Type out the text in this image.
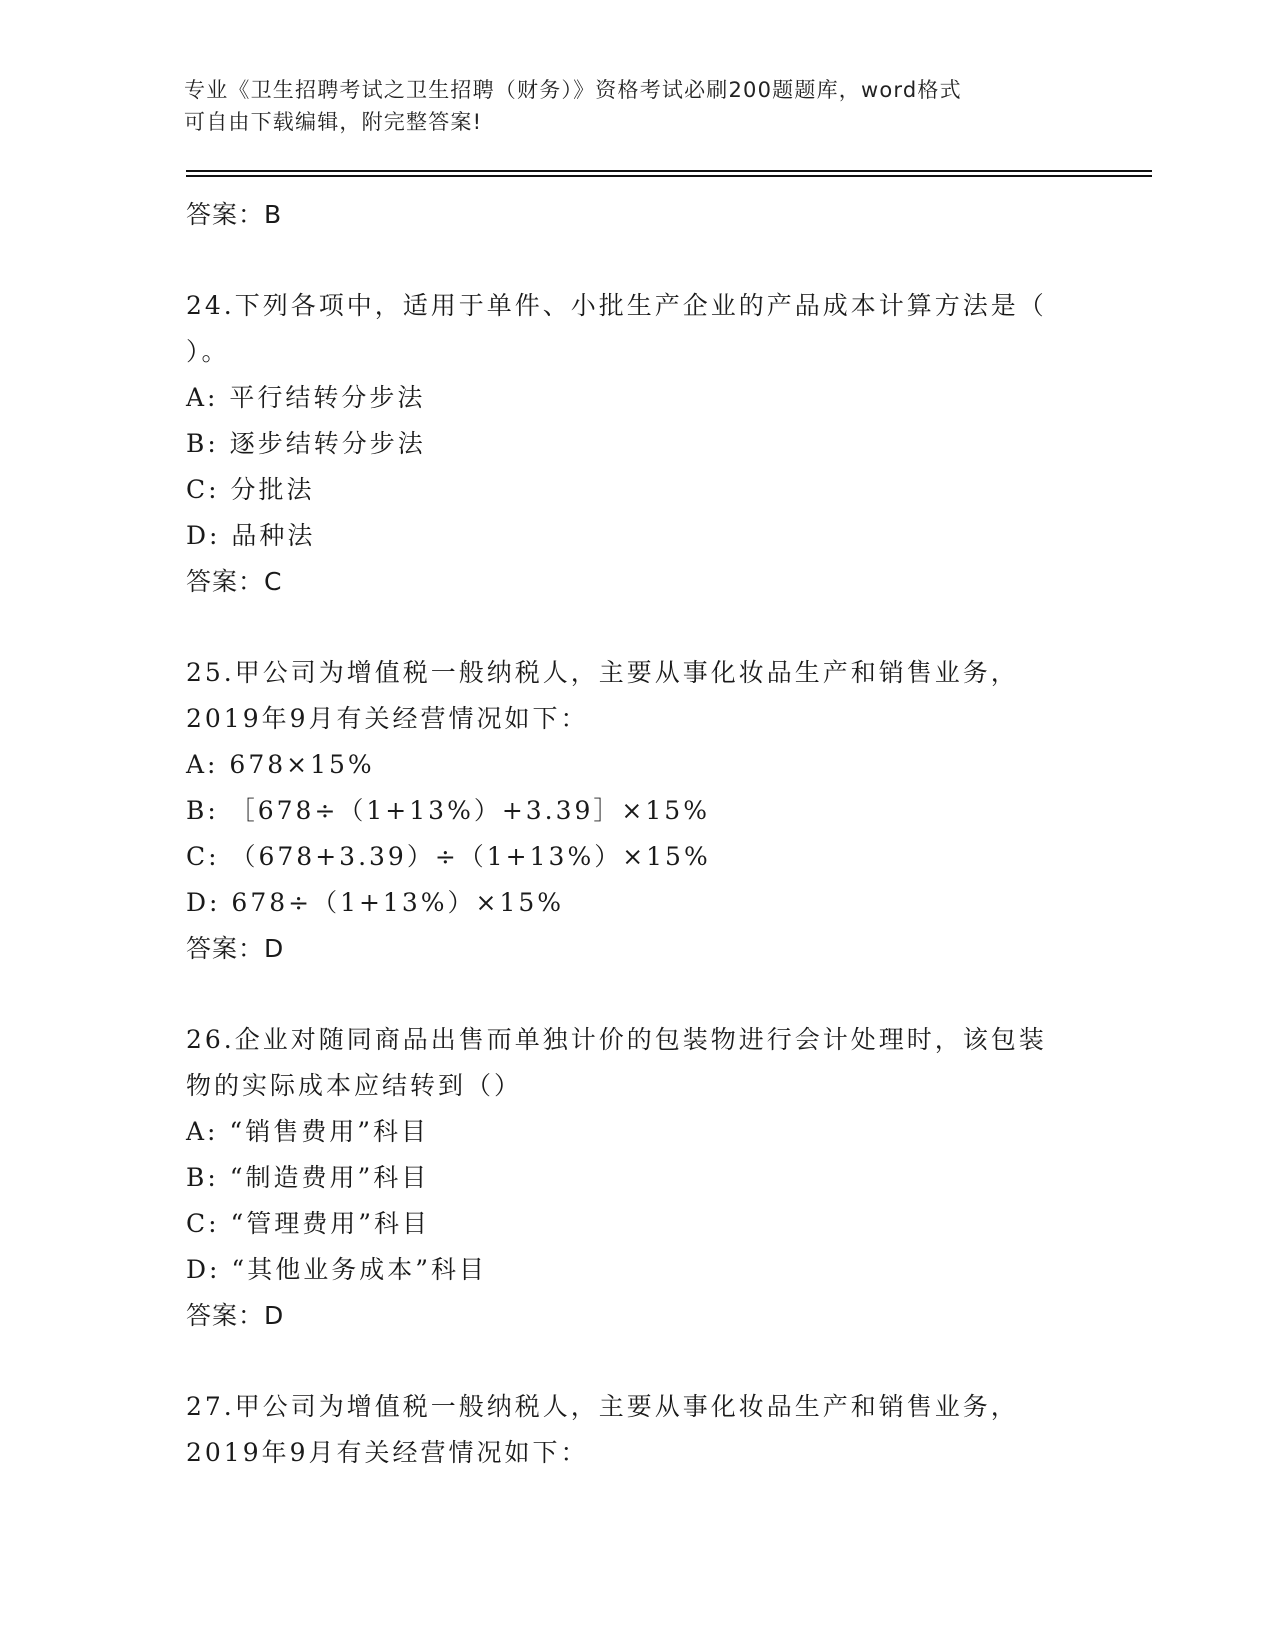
专业《卫生招聘考试之卫生招聘（财务）》资格考试必刷200题题库，word格式
可自由下载编辑，附完整答案!
答案：B
24.下列各项中，适用于单件、小批生产企业的产品成本计算方法是（
）。
A: 平行结转分步法
B: 逐步结转分步法
C: 分批法
D: 品种法
答案：C
25.甲公司为增值税一般纳税人，主要从事化妆品生产和销售业务，
2019年9月有关经营情况如下：
A: 678×15%
B: ［678÷（1+13%）+3.39］×15%
C: （678+3.39）÷（1+13%）×15%
D: 678÷（1+13%）×15%
答案：D
26.企业对随同商品出售而单独计价的包装物进行会计处理时，该包装
物的实际成本应结转到（）
A: “销售费用”科目
B: “制造费用”科目
C: “管理费用”科目
D: “其他业务成本”科目
答案：D
27.甲公司为增值税一般纳税人，主要从事化妆品生产和销售业务，
2019年9月有关经营情况如下：
